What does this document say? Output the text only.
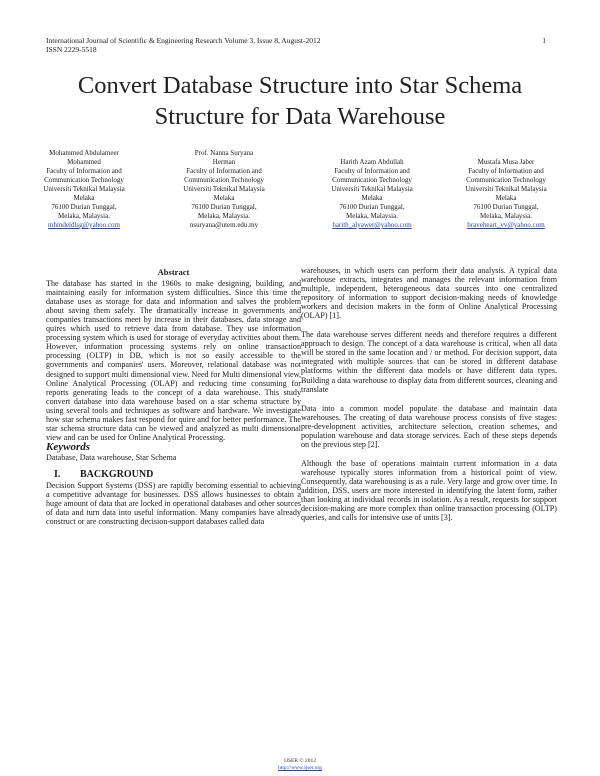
International Journal of Scientific & Engineering Research Volume 3, Issue 8, August-2012
ISSN 2229-5518
1
Convert Database Structure into Star Schema
Structure for Data Warehouse
Mohammed Abdulameer
Mohammed
Faculty of Information and
Communication Technology
Universiti Teknikal Malaysia
Melaka
76100 Durian Tunggal,
Melaka, Malaysia.
mhmdeldlsg@yahoo.com
Prof. Nanna Suryana
Herman
Faculty of Information and
Communication Technology
Universiti Teknikal Malaysia
Melaka
76100 Durian Tunggal,
Melaka, Malaysia.
nsuryana@utem.edu.my
Harith Azam Abdullah
Faculty of Information and
Communication Technology
Universiti Teknikal Malaysia
Melaka
76100 Durian Tunggal,
Melaka, Malaysia.
harith_alyawer@yahoo.com
Mustafa Musa Jaber
Faculty of Information and
Communication Technology
Universiti Teknikal Malaysia
Melaka
76100 Durian Tunggal,
Melaka, Malaysia.
braveheart_vv@yahoo.com
Abstract

The database has started in the 1960s to make designing, building, and maintaining easily for information system difficulties. Since this time the database uses as storage for data and information and salves the problem about saving them safely. The dramatically increase in governments and companies transactions meet by increase in their databases, data storage and quires which used to retrieve data from database. They use information processing system which is used for storage of everyday activities about them. However, information processing systems rely on online transaction processing (OLTP) in DB, which is not so easily accessible to the governments and companies' users. Moreover, relational database was not designed to support multi dimensional view. Need for Multi dimensional view, Online Analytical Processing (OLAP) and reducing time consuming for reports generating leads to the concept of a data warehouse. This study convert database into data warehouse based on a star schema structure by using several tools and techniques as software and hardware. We investigate how star schema makes fast respond for quire and for better performance. The star schema structure data can be viewed and analyzed as multi dimensional view and can be used for Online Analytical Processing.

Keywords

Database, Data warehouse, Star Schema

I. BACKGROUND

Decision Support Systems (DSS) are rapidly becoming essential to achieving a competitive advantage for businesses. DSS allows businesses to obtain a huge amount of data that are locked in operational databases and other sources of data and turn data into useful information. Many companies have already construct or are constructing decision-support databases called data

warehouses, in which users can perform their data analysis. A typical data warehouse extracts, integrates and manages the relevant information from multiple, independent, heterogeneous data sources into one centralized repository of information to support decision-making needs of knowledge workers and decision makers in the form of Online Analytical Processing (OLAP) [1].

The data warehouse serves different needs and therefore requires a different approach to design. The concept of a data warehouse is critical, when all data will be stored in the same location and / or method. For decision support, data integrated with multiple sources that can be stored in different database platforms within the different data models or have different data types. Building a data warehouse to display data from different sources, cleaning and translate

Data into a common model populate the database and maintain data warehouses. The creating of data warehouse process consists of five stages: pre-development activities, architecture selection, creation schemes, and population warehouse and data storage services. Each of these steps depends on the previous step [2].

Although the base of operations maintain current information in a data warehouse typically stores information from a historical point of view. Consequently, data warehousing is as a rule. Very large and grow over time. In addition, DSS, users are more interested in identifying the latent form, rather than looking at individual records in isolation. As a result, requests for support decision-making are more complex than online transaction processing (OLTP) queries, and calls for intensive use of units [3].

IJSER © 2012
http://www.ijser.org
